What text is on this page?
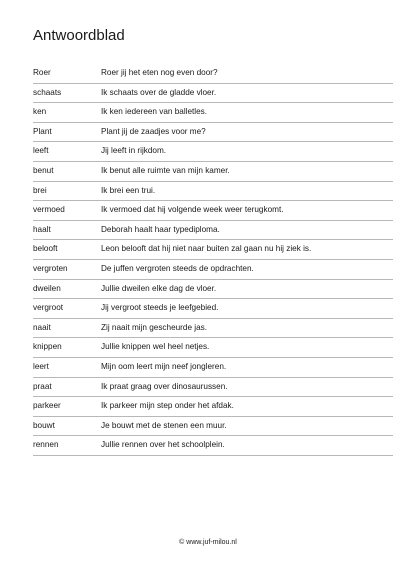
Antwoordblad
Roer	Roer jij het eten nog even door?
schaats	Ik schaats over de gladde vloer.
ken	Ik ken iedereen van balletles.
Plant	Plant jij de zaadjes voor me?
leeft	Jij leeft in rijkdom.
benut	Ik benut alle ruimte van mijn kamer.
brei	Ik brei een trui.
vermoed	Ik vermoed dat hij volgende week weer terugkomt.
haalt	Deborah haalt haar typediploma.
belooft	Leon belooft dat hij niet naar buiten zal gaan nu hij ziek is.
vergroten	De juffen vergroten steeds de opdrachten.
dweilen	Jullie dweilen elke dag de vloer.
vergroot	Jij vergroot steeds je leefgebied.
naait	Zij naait mijn gescheurde jas.
knippen	Jullie knippen wel heel netjes.
leert	Mijn oom leert mijn neef jongleren.
praat	Ik praat graag over dinosaurussen.
parkeer	Ik parkeer mijn step onder het afdak.
bouwt	Je bouwt met de stenen een muur.
rennen	Jullie rennen over het schoolplein.
© www.juf-milou.nl
